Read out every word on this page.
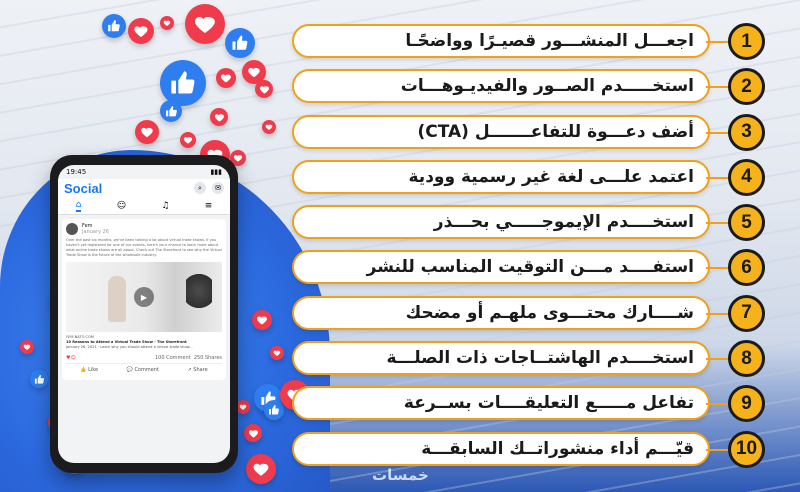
19:45	▮▮▮
Social	⌕	✉
⌂	☺	♫	≡
Fem
January 26
Over the past six months, we've been talking a lot about virtual trade shows. If you haven't yet registered for one of our events, here's your chance to learn more about what online trade shows are all about. Check out The Storefront to see why the Virtual Trade Show is the future of the wholesale industry.
▶
FEM.NATO.COM
10 Reasons to Attend a Virtual Trade Show - The Storefront
January 26, 2021 · Learn why you should attend a virtual trade show...
♥☺	100 Comment 250 Shares
👍 Like	💬 Comment	↗ Share
اجعـــل المنشـــور قصيـرًا وواضحًـا	1
استخـــــدم الصــور والفيديـوهـــات	2
أضف دعـــوة للتفاعـــــــل (CTA)	3
اعتمد علـــى لغة غير رسمية وودية	4
استخــــدم الإيموجـــــي بحـــذر	5
استفــــد مـــن التوقيت المناسب للنشر	6
شــــارك محتـــوى ملهـم أو مضحك	7
استخــــدم الهاشتــاجات ذات الصلـــة	8
تفاعل مـــــع التعليقــــات بســرعة	9
قيّـــم أداء منشوراتــك السابقـــة	10
خمسات
